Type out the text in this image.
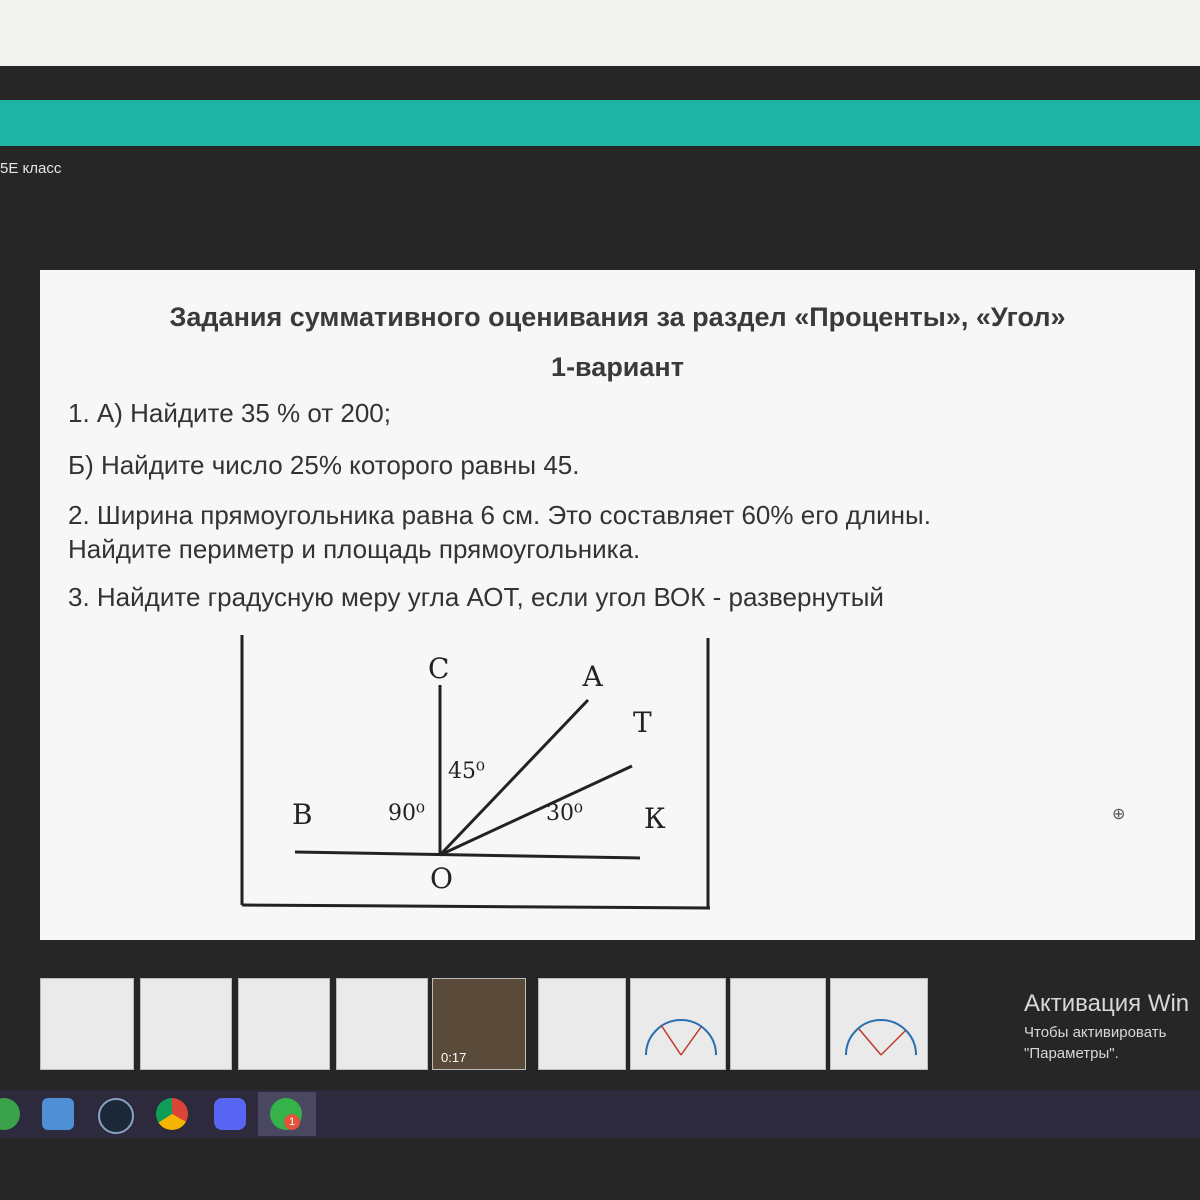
5E класс
Задания суммативного оценивания за раздел «Проценты», «Угол»
1-вариант
1. А) Найдите 35 % от 200;
Б) Найдите число 25% которого равны 45.
2. Ширина прямоугольника равна 6 см. Это составляет 60% его длины.
Найдите периметр и площадь прямоугольника.
3. Найдите градусную меру угла АОТ, если угол ВОК - развернутый
С	А
Т
В	К
О
90⁰
45⁰
30⁰	⊕
0:17
Активация Win
Чтобы активировать
"Параметры".
1
